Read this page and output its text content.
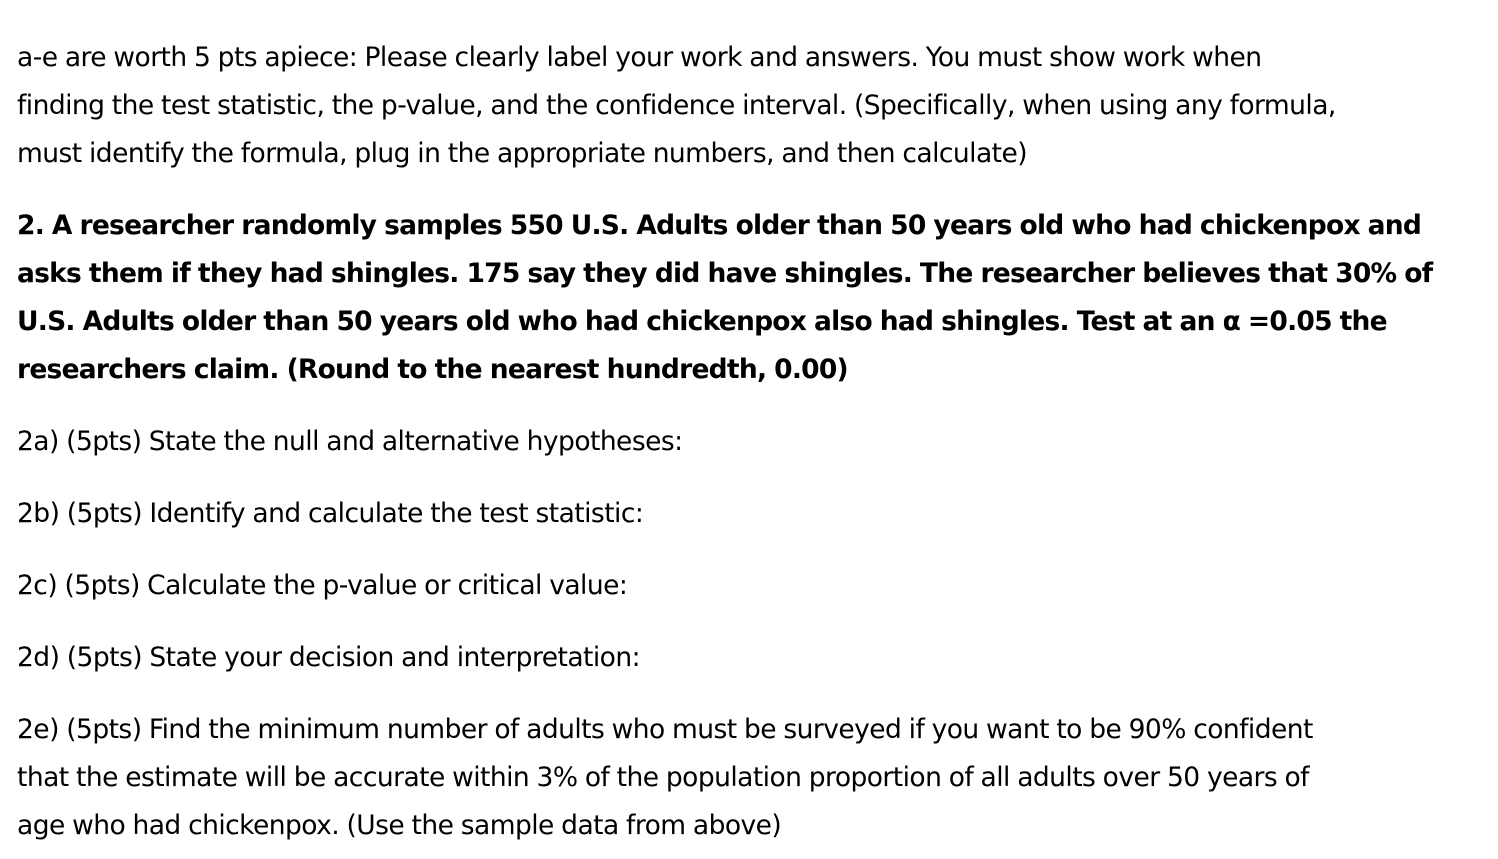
a-e are worth 5 pts apiece: Please clearly label your work and answers. You must show work when
finding the test statistic, the p-value, and the confidence interval. (Specifically, when using any formula,
must identify the formula, plug in the appropriate numbers, and then calculate)

2. A researcher randomly samples 550 U.S. Adults older than 50 years old who had chickenpox and
asks them if they had shingles. 175 say they did have shingles. The researcher believes that 30% of
U.S. Adults older than 50 years old who had chickenpox also had shingles. Test at an α =0.05 the
researchers claim. (Round to the nearest hundredth, 0.00)

2a) (5pts) State the null and alternative hypotheses:

2b) (5pts) Identify and calculate the test statistic:

2c) (5pts) Calculate the p-value or critical value:

2d) (5pts) State your decision and interpretation:

2e) (5pts) Find the minimum number of adults who must be surveyed if you want to be 90% confident
that the estimate will be accurate within 3% of the population proportion of all adults over 50 years of
age who had chickenpox. (Use the sample data from above)
